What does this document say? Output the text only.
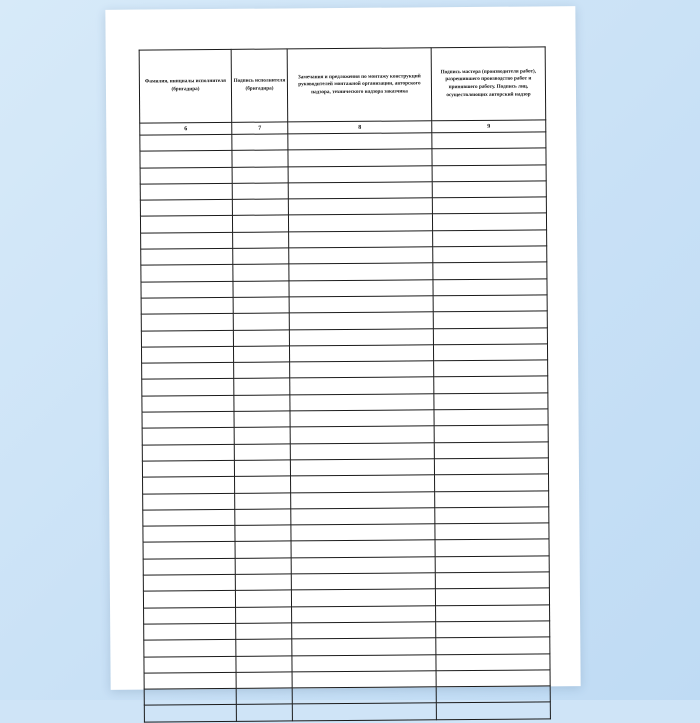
Фамилия, инициалы исполнителя (бригадира)	Подпись исполнителя (бригадира)	Замечания и предложения по монтажу конструкций руководителей монтажной организации, авторского надзора, технического надзора заказчика	Подпись мастера (производителя работ), разрешившего производство работ и принявшего работу. Подпись лиц, осуществляющих авторский надзор
6	7	8	9
